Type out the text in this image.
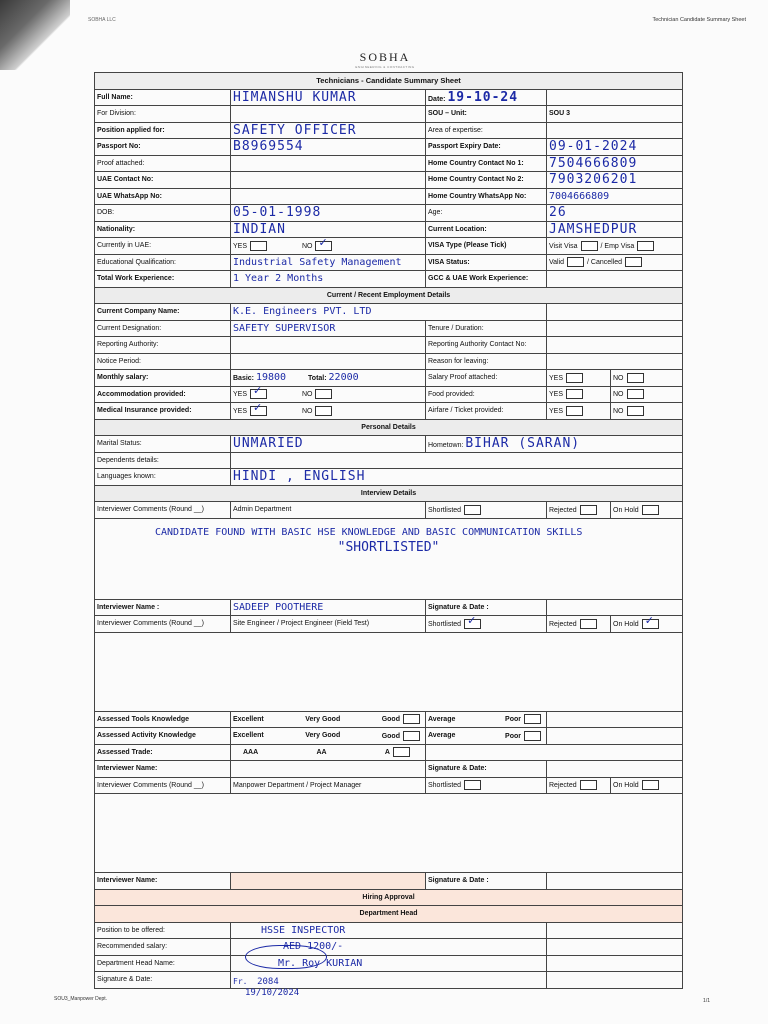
SOBHA LLC	Technician Candidate Summary Sheet
SOBHA
ENGINEERING & CONTRACTING
Technicians - Candidate Summary Sheet				
Full Name:	HIMANSHU KUMAR	Date: 19-10-24		
For Division:		SOU – Unit:	SOU 3	
Position applied for:	SAFETY OFFICER	Area of expertise:		
Passport No:	B8969554	Passport Expiry Date:	09-01-2024	
Proof attached:		Home Country Contact No 1:	7504666809	
UAE Contact No:		Home Country Contact No 2:	7903206201	
UAE WhatsApp No:		Home Country WhatsApp No:	7004666809	
DOB:	05-01-1998	Age:	26	
Nationality:	INDIAN	Current Location:	JAMSHEDPUR	
Currently in UAE:	YES NO ✓	VISA Type (Please Tick)	Visit Visa / Emp Visa	
Educational Qualification:	Industrial Safety Management	VISA Status:	Valid / Cancelled	
Total Work Experience:	1 Year 2 Months	GCC & UAE Work Experience:		
Current / Recent Employment Details				
Current Company Name:	K.E. Engineers PVT. LTD			
Current Designation:	SAFETY SUPERVISOR	Tenure / Duration:		
Reporting Authority:		Reporting Authority Contact No:		
Notice Period:		Reason for leaving:		
Monthly salary:	Basic: 19800 Total: 22000	Salary Proof attached:	YES	NO
Accommodation provided:	YES ✓ NO	Food provided:	YES	NO
Medical Insurance provided:	YES ✓ NO	Airfare / Ticket provided:	YES	NO
Personal Details				
Marital Status:	UNMARIED	Hometown: BIHAR (SARAN)		
Dependents details:				
Languages known:	HINDI , ENGLISH			
Interview Details				
Interviewer Comments (Round __)	Admin Department	Shortlisted	Rejected	On Hold

CANDIDATE FOUND WITH BASIC HSE KNOWLEDGE AND BASIC COMMUNICATION SKILLS
"SHORTLISTED"				

Interviewer Name :	SADEEP POOTHERE	Signature & Date :		
Interviewer Comments (Round __)	Site Engineer / Project Engineer (Field Test)	Shortlisted ✓	Rejected	On Hold ✓

Assessed Tools Knowledge	Excellent Very Good Good	Average Poor		

Assessed Activity Knowledge	Excellent Very Good Good	Average Poor		

Assessed Trade:	AAA AA A			

Interviewer Name:		Signature & Date:		
Interviewer Comments (Round __)	Manpower Department / Project Manager	Shortlisted	Rejected	On Hold

Interviewer Name:		Signature & Date :		
Hiring Approval				
Department Head				
Position to be offered:	HSSE INSPECTOR			
Recommended salary:	AED 1200/-			
Department Head Name:	Mr. Roy KURIAN			
Signature & Date:					Fr. 2084
19/10/2024
SOU3_Manpower Dept.	1/1
